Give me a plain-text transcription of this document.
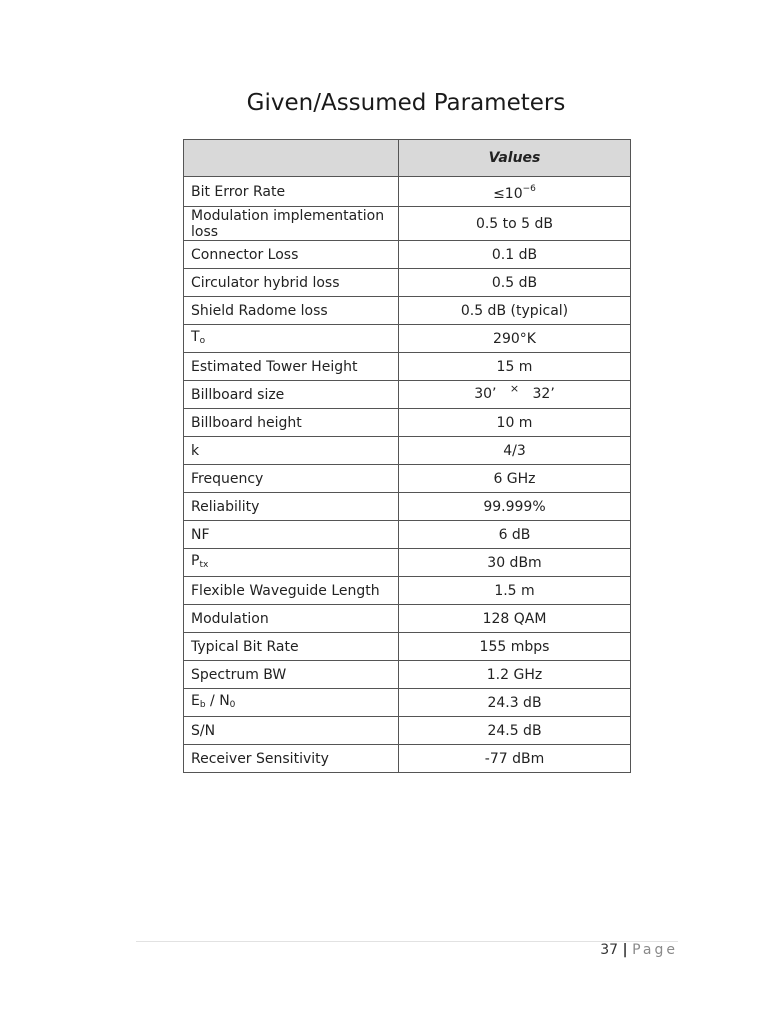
Given/Assumed Parameters
	Values
Bit Error Rate	$\le 10^{-6}$
Modulation implementation loss	0.5 to 5 dB
Connector Loss	0.1 dB
Circulator hybrid loss	0.5 dB
Shield Radome loss	0.5 dB (typical)
$T_o$	290°K
Estimated Tower Height	15 m
Billboard size	30’ × 32’
Billboard height	10 m
k	4/3
Frequency	6 GHz
Reliability	99.999%
NF	6 dB
$P_{tx}$	30 dBm
Flexible Waveguide Length	1.5 m
Modulation	128 QAM
Typical Bit Rate	155 mbps
Spectrum BW	1.2 GHz
$E_b / N_0$	24.3 dB
S/N	24.5 dB
Receiver Sensitivity	-77 dBm
37 | Page
